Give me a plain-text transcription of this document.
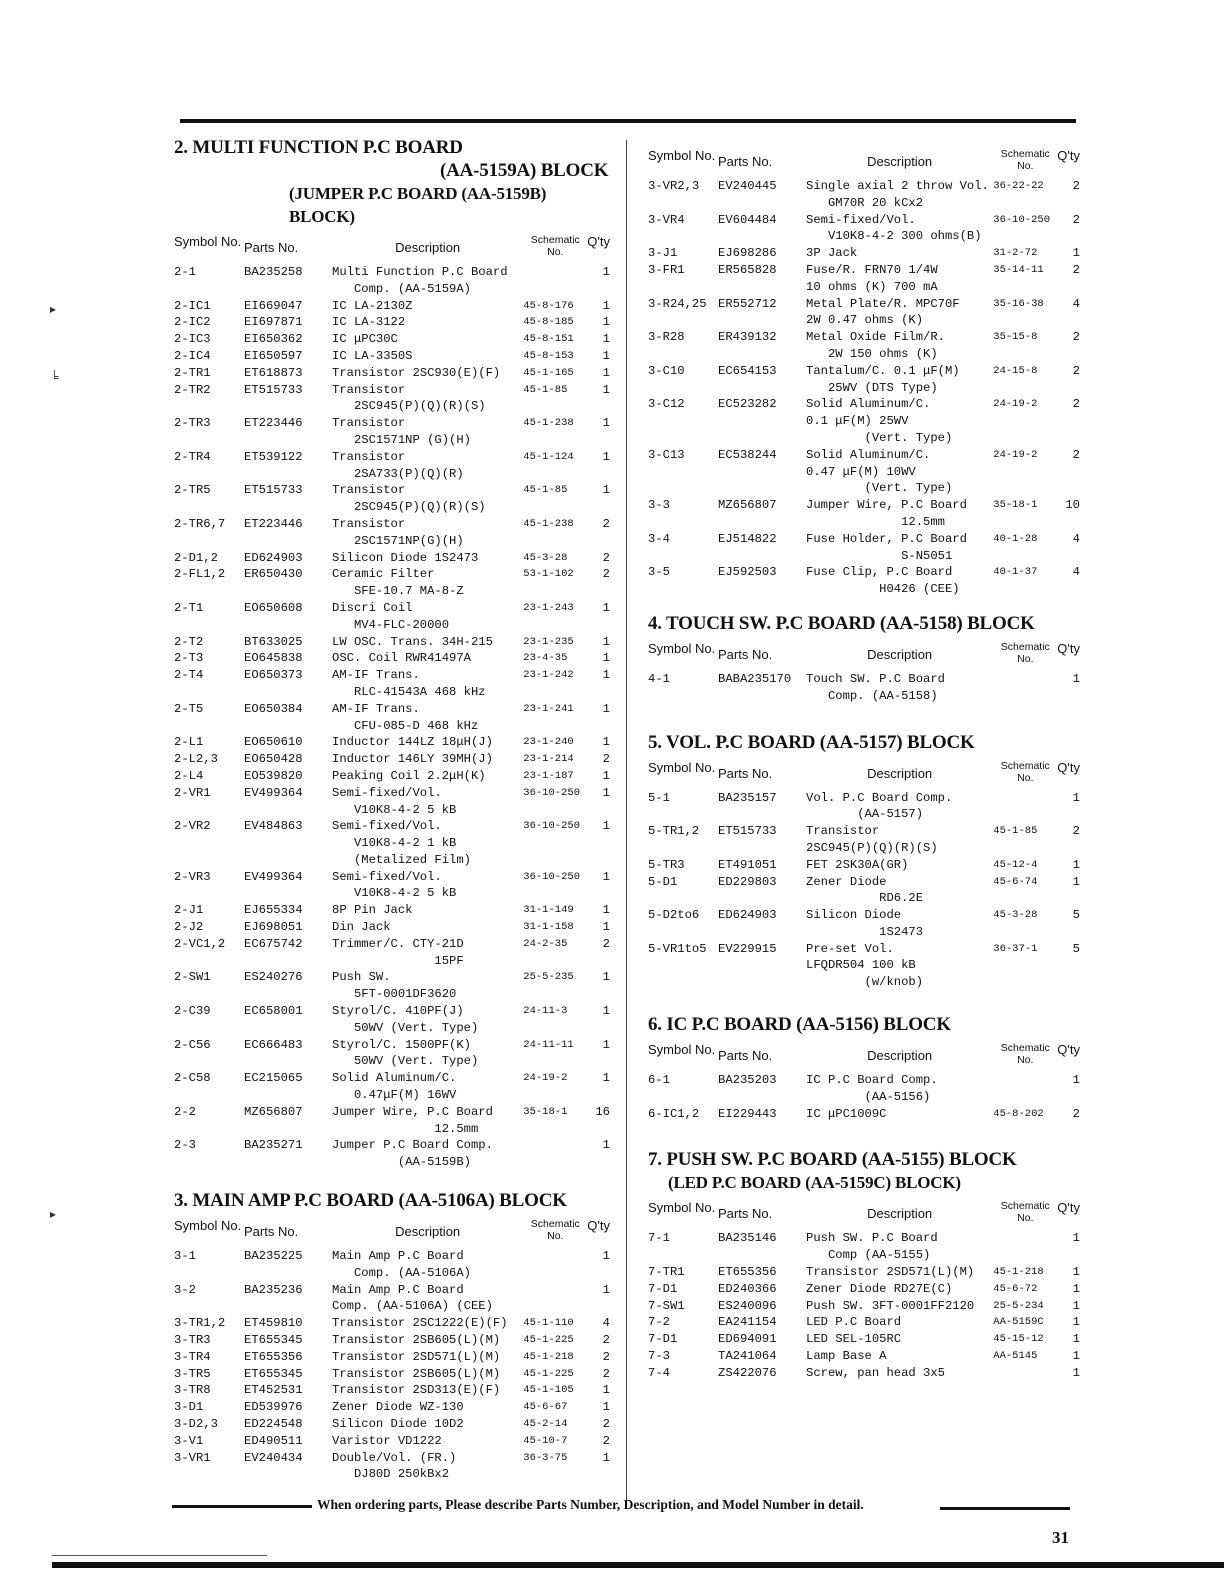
▸
╘
▸
2. MULTI FUNCTION P.C BOARD
(AA-5159A) BLOCK
(JUMPER P.C BOARD (AA-5159B) BLOCK)
Symbol No.	Parts No.	Description	Schematic No.	Q'ty
2-1	BA235258	Multi Function P.C Board
Comp. (AA-5159A)		1
2-IC1	EI669047	IC LA-2130Z	45-8-176	1
2-IC2	EI697871	IC LA-3122	45-8-185	1
2-IC3	EI650362	IC μPC30C	45-8-151	1
2-IC4	EI650597	IC LA-3350S	45-8-153	1
2-TR1	ET618873	Transistor 2SC930(E)(F)	45-1-165	1
2-TR2	ET515733	Transistor
2SC945(P)(Q)(R)(S)	45-1-85	1
2-TR3	ET223446	Transistor
2SC1571NP (G)(H)	45-1-238	1
2-TR4	ET539122	Transistor
2SA733(P)(Q)(R)	45-1-124	1
2-TR5	ET515733	Transistor
2SC945(P)(Q)(R)(S)	45-1-85	1
2-TR6,7	ET223446	Transistor
2SC1571NP(G)(H)	45-1-238	2
2-D1,2	ED624903	Silicon Diode 1S2473	45-3-28	2
2-FL1,2	ER650430	Ceramic Filter
SFE-10.7 MA-8-Z	53-1-102	2
2-T1	EO650608	Discri Coil
MV4-FLC-20000	23-1-243	1
2-T2	BT633025	LW OSC. Trans. 34H-215	23-1-235	1
2-T3	EO645838	OSC. Coil RWR41497A	23-4-35	1
2-T4	EO650373	AM-IF Trans.
RLC-41543A 468 kHz	23-1-242	1
2-T5	EO650384	AM-IF Trans.
CFU-085-D 468 kHz	23-1-241	1
2-L1	EO650610	Inductor 144LZ 18μH(J)	23-1-240	1
2-L2,3	EO650428	Inductor 146LY 39MH(J)	23-1-214	2
2-L4	EO539820	Peaking Coil 2.2μH(K)	23-1-187	1
2-VR1	EV499364	Semi-fixed/Vol.
V10K8-4-2 5 kB	36-10-250	1
2-VR2	EV484863	Semi-fixed/Vol.
V10K8-4-2 1 kB
(Metalized Film)	36-10-250	1
2-VR3	EV499364	Semi-fixed/Vol.
V10K8-4-2 5 kB	36-10-250	1
2-J1	EJ655334	8P Pin Jack	31-1-149	1
2-J2	EJ698051	Din Jack	31-1-158	1
2-VC1,2	EC675742	Trimmer/C. CTY-21D
15PF	24-2-35	2
2-SW1	ES240276	Push SW.
5FT-0001DF3620	25-5-235	1
2-C39	EC658001	Styrol/C. 410PF(J)
50WV (Vert. Type)	24-11-3	1
2-C56	EC666483	Styrol/C. 1500PF(K)
50WV (Vert. Type)	24-11-11	1
2-C58	EC215065	Solid Aluminum/C.
0.47μF(M) 16WV	24-19-2	1
2-2	MZ656807	Jumper Wire, P.C Board
12.5mm	35-18-1	16
2-3	BA235271	Jumper P.C Board Comp.
(AA-5159B)		1
3. MAIN AMP P.C BOARD (AA-5106A) BLOCK
Symbol No.	Parts No.	Description	Schematic No.	Q'ty
3-1	BA235225	Main Amp P.C Board
Comp. (AA-5106A)		1
3-2	BA235236	Main Amp P.C Board
Comp. (AA-5106A) (CEE)		1
3-TR1,2	ET459810	Transistor 2SC1222(E)(F)	45-1-110	4
3-TR3	ET655345	Transistor 2SB605(L)(M)	45-1-225	2
3-TR4	ET655356	Transistor 2SD571(L)(M)	45-1-218	2
3-TR5	ET655345	Transistor 2SB605(L)(M)	45-1-225	2
3-TR8	ET452531	Transistor 2SD313(E)(F)	45-1-105	1
3-D1	ED539976	Zener Diode WZ-130	45-6-67	1
3-D2,3	ED224548	Silicon Diode 10D2	45-2-14	2
3-V1	ED490511	Varistor VD1222	45-10-7	2
3-VR1	EV240434	Double/Vol. (FR.)
DJ80D 250kBx2	36-3-75	1
Symbol No.	Parts No.	Description	Schematic No.	Q'ty
3-VR2,3	EV240445	Single axial 2 throw Vol.
GM70R 20 kCx2	36-22-22	2
3-VR4	EV604484	Semi-fixed/Vol.
V10K8-4-2 300 ohms(B)	36-10-250	2
3-J1	EJ698286	3P Jack	31-2-72	1
3-FR1	ER565828	Fuse/R. FRN70 1/4W
10 ohms (K) 700 mA	35-14-11	2
3-R24,25	ER552712	Metal Plate/R. MPC70F
2W 0.47 ohms (K)	35-16-38	4
3-R28	ER439132	Metal Oxide Film/R.
2W 150 ohms (K)	35-15-8	2
3-C10	EC654153	Tantalum/C. 0.1 μF(M)
25WV (DTS Type)	24-15-8	2
3-C12	EC523282	Solid Aluminum/C.
0.1 μF(M) 25WV
(Vert. Type)	24-19-2	2
3-C13	EC538244	Solid Aluminum/C.
0.47 μF(M) 10WV
(Vert. Type)	24-19-2	2
3-3	MZ656807	Jumper Wire, P.C Board
12.5mm	35-18-1	10
3-4	EJ514822	Fuse Holder, P.C Board
S-N5051	40-1-28	4
3-5	EJ592503	Fuse Clip, P.C Board
H0426 (CEE)	40-1-37	4
4. TOUCH SW. P.C BOARD (AA-5158) BLOCK
Symbol No.	Parts No.	Description	Schematic No.	Q'ty
4-1	BABA235170	Touch SW. P.C Board
Comp. (AA-5158)		1
5. VOL. P.C BOARD (AA-5157) BLOCK
Symbol No.	Parts No.	Description	Schematic No.	Q'ty
5-1	BA235157	Vol. P.C Board Comp.
(AA-5157)		1
5-TR1,2	ET515733	Transistor
2SC945(P)(Q)(R)(S)	45-1-85	2
5-TR3	ET491051	FET 2SK30A(GR)	45-12-4	1
5-D1	ED229803	Zener Diode
RD6.2E	45-6-74	1
5-D2to6	ED624903	Silicon Diode
1S2473	45-3-28	5
5-VR1to5	EV229915	Pre-set Vol.
LFQDR504 100 kB
(w/knob)	36-37-1	5
6. IC P.C BOARD (AA-5156) BLOCK
Symbol No.	Parts No.	Description	Schematic No.	Q'ty
6-1	BA235203	IC P.C Board Comp.
(AA-5156)		1
6-IC1,2	EI229443	IC μPC1009C	45-8-202	2
7. PUSH SW. P.C BOARD (AA-5155) BLOCK
(LED P.C BOARD (AA-5159C) BLOCK)
Symbol No.	Parts No.	Description	Schematic No.	Q'ty
7-1	BA235146	Push SW. P.C Board
Comp (AA-5155)		1
7-TR1	ET655356	Transistor 2SD571(L)(M)	45-1-218	1
7-D1	ED240366	Zener Diode RD27E(C)	45-6-72	1
7-SW1	ES240096	Push SW. 3FT-0001FF2120	25-5-234	1
7-2	EA241154	LED P.C Board	AA-5159C	1
7-D1	ED694091	LED SEL-105RC	45-15-12	1
7-3	TA241064	Lamp Base A	AA-5145	1
7-4	ZS422076	Screw, pan head 3x5		1
When ordering parts, Please describe Parts Number, Description, and Model Number in detail.
31
